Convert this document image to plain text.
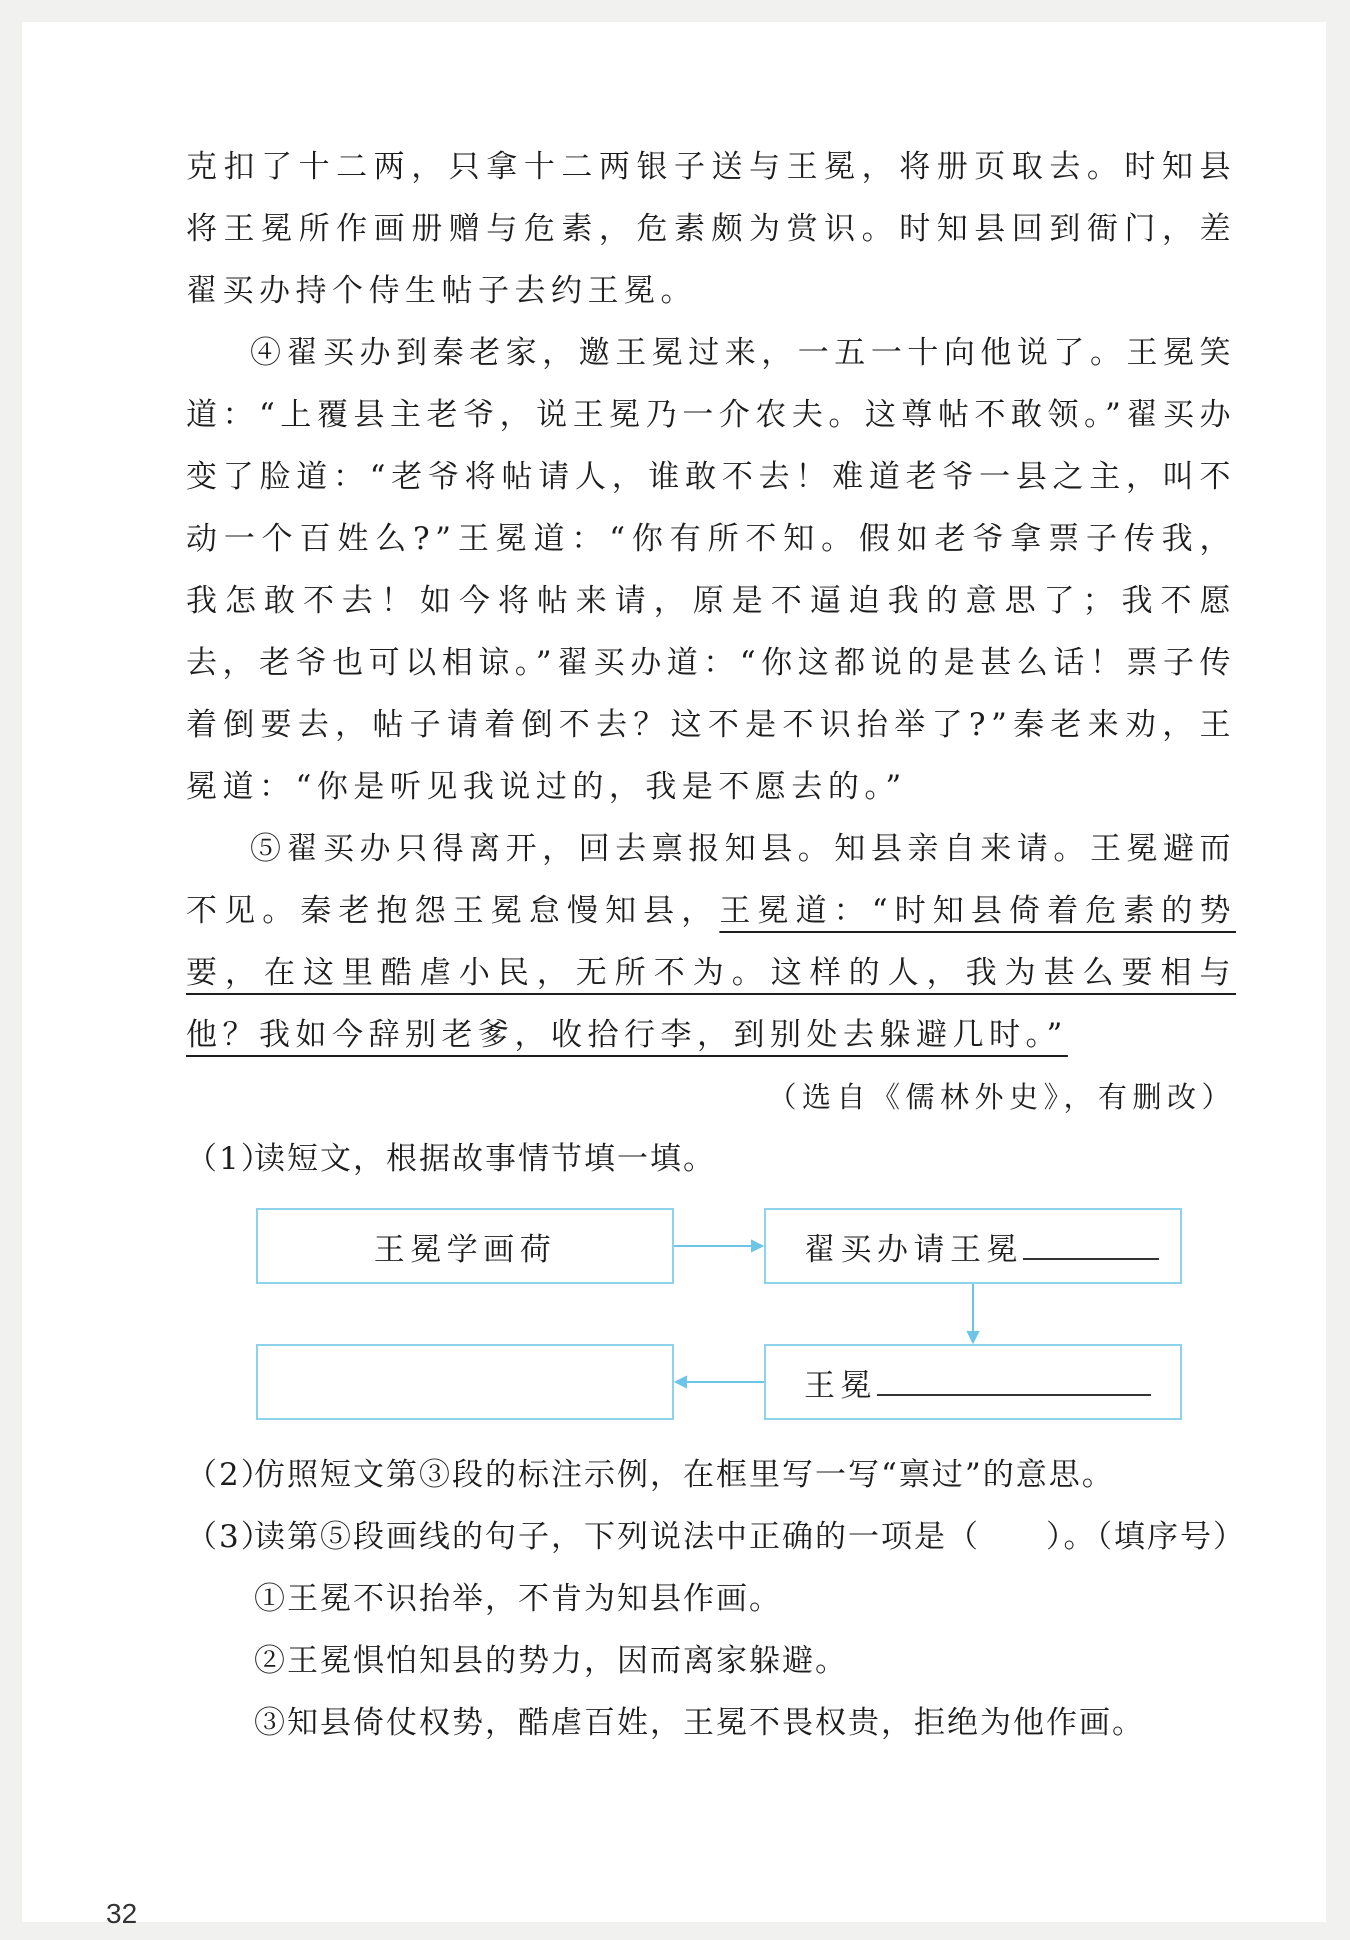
克扣了十二两，只拿十二两银子送与王冕，将册页取去。时知县将王冕所作画册赠与危素，危素颇为赏识。时知县回到衙门，差翟买办持个侍生帖子去约王冕。

④翟买办到秦老家，邀王冕过来，一五一十向他说了。王冕笑道：“上覆县主老爷，说王冕乃一介农夫。这尊帖不敢领。”翟买办变了脸道：“老爷将帖请人，谁敢不去！难道老爷一县之主，叫不动一个百姓么?”王冕道：“你有所不知。假如老爷拿票子传我，我怎敢不去！如今将帖来请，原是不逼迫我的意思了；我不愿去，老爷也可以相谅。”翟买办道：“你这都说的是甚么话！票子传着倒要去，帖子请着倒不去？这不是不识抬举了?”秦老来劝，王冕道：“你是听见我说过的，我是不愿去的。”

⑤翟买办只得离开，回去禀报知县。知县亲自来请。王冕避而不见。秦老抱怨王冕怠慢知县，王冕道：“时知县倚着危素的势要，在这里酷虐小民，无所不为。这样的人，我为甚么要相与他？我如今辞别老爹，收拾行李，到别处去躲避几时。”

（选自《儒林外史》，有删改）
（1）
读短文，根据故事情节填一填。
王冕学画荷	翟买办请王冕
王冕
（2）
仿照短文第③段的标注示例，在框里写一写“禀过”的意思。
（3）
读第⑤段画线的句子，下列说法中正确的一项是（　　）。（填序号）
①王冕不识抬举，不肯为知县作画。
②王冕惧怕知县的势力，因而离家躲避。
③知县倚仗权势，酷虐百姓，王冕不畏权贵，拒绝为他作画。
32
